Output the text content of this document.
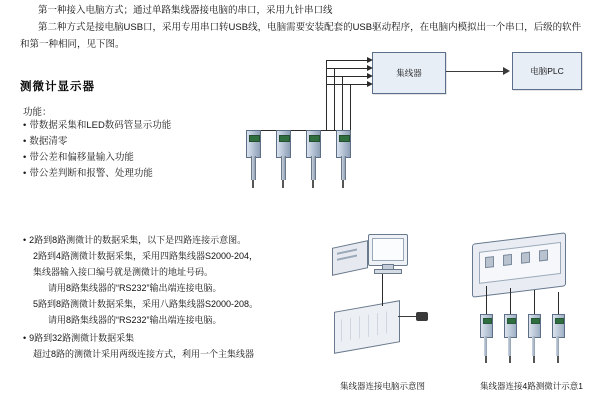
第一种接入电脑方式；通过单路集线器接电脑的串口，采用九针串口线
第二种方式是接电脑USB口，采用专用串口转USB线，电脑需要安装配套的USB驱动程序，在电脑内模拟出一个串口，后级的软件
和第一种相同，见下图。
测微计显示器
功能：
• 带数据采集和LED数码管显示功能
• 数据清零
• 带公差和偏移量输入功能
• 带公差判断和报警、处理功能
• 2路到8路测微计的数据采集，以下是四路连接示意图。
2路到4路测微计数据采集，采用四路集线器S2000-204，
集线器输入接口编号就是测微计的地址号码。
请用8路集线器的“RS232”输出端连接电脑。
5路到8路测微计数据采集，采用八路集线器S2000-208。
请用8路集线器的“RS232”输出端连接电脑。
• 9路到32路测微计数据采集
超过8路的测微计采用两级连接方式，利用一个主集线器
集线器	电脑PLC
集线器连接电脑示意图	集线器连接4路测微计示意1
